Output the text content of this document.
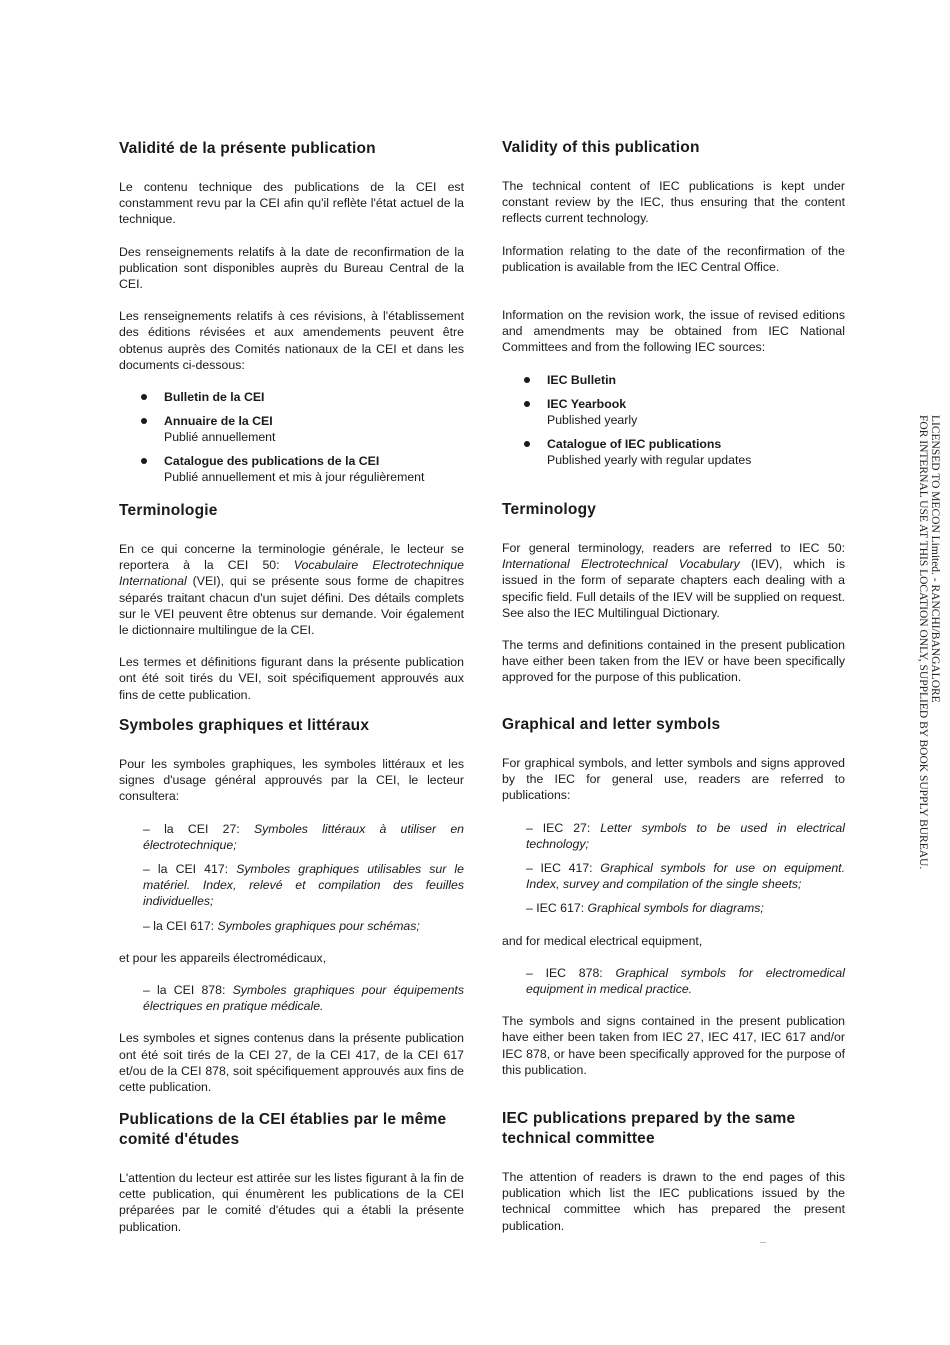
Validité de la présente publication

Le contenu technique des publications de la CEI est constamment revu par la CEI afin qu'il reflète l'état actuel de la technique.

Des renseignements relatifs à la date de reconfirmation de la publication sont disponibles auprès du Bureau Central de la CEI.

Les renseignements relatifs à ces révisions, à l'établissement des éditions révisées et aux amendements peuvent être obtenus auprès des Comités nationaux de la CEI et dans les documents ci-dessous:

Bulletin de la CEI
Annuaire de la CEI
Publié annuellement
Catalogue des publications de la CEI
Publié annuellement et mis à jour régulièrement
Terminologie

En ce qui concerne la terminologie générale, le lecteur se reportera à la CEI 50: Vocabulaire Electrotechnique International (VEI), qui se présente sous forme de chapitres séparés traitant chacun d'un sujet défini. Des détails complets sur le VEI peuvent être obtenus sur demande. Voir également le dictionnaire multilingue de la CEI.

Les termes et définitions figurant dans la présente publication ont été soit tirés du VEI, soit spécifiquement approuvés aux fins de cette publication.

Symboles graphiques et littéraux

Pour les symboles graphiques, les symboles littéraux et les signes d'usage général approuvés par la CEI, le lecteur consultera:

– la CEI 27: Symboles littéraux à utiliser en électrotechnique;
– la CEI 417: Symboles graphiques utilisables sur le matériel. Index, relevé et compilation des feuilles individuelles;
– la CEI 617: Symboles graphiques pour schémas;

et pour les appareils électromédicaux,

– la CEI 878: Symboles graphiques pour équipements électriques en pratique médicale.

Les symboles et signes contenus dans la présente publication ont été soit tirés de la CEI 27, de la CEI 417, de la CEI 617 et/ou de la CEI 878, soit spécifiquement approuvés aux fins de cette publication.

Publications de la CEI établies par le même comité d'études

L'attention du lecteur est attirée sur les listes figurant à la fin de cette publication, qui énumèrent les publications de la CEI préparées par le comité d'études qui a établi la présente publication.

Validity of this publication

The technical content of IEC publications is kept under constant review by the IEC, thus ensuring that the content reflects current technology.

Information relating to the date of the reconfirmation of the publication is available from the IEC Central Office.

Information on the revision work, the issue of revised editions and amendments may be obtained from IEC National Committees and from the following IEC sources:

IEC Bulletin
IEC Yearbook
Published yearly
Catalogue of IEC publications
Published yearly with regular updates
Terminology

For general terminology, readers are referred to IEC 50: International Electrotechnical Vocabulary (IEV), which is issued in the form of separate chapters each dealing with a specific field. Full details of the IEV will be supplied on request. See also the IEC Multilingual Dictionary.

The terms and definitions contained in the present publication have either been taken from the IEV or have been specifically approved for the purpose of this publication.

Graphical and letter symbols

For graphical symbols, and letter symbols and signs approved by the IEC for general use, readers are referred to publications:

– IEC 27: Letter symbols to be used in electrical technology;
– IEC 417: Graphical symbols for use on equipment. Index, survey and compilation of the single sheets;
– IEC 617: Graphical symbols for diagrams;

and for medical electrical equipment,

– IEC 878: Graphical symbols for electromedical equipment in medical practice.

The symbols and signs contained in the present publication have either been taken from IEC 27, IEC 417, IEC 617 and/or IEC 878, or have been specifically approved for the purpose of this publication.

IEC publications prepared by the same technical committee

The attention of readers is drawn to the end pages of this publication which list the IEC publications issued by the technical committee which has prepared the present publication.

LICENSED TO MECON Limited. - RANCHI/BANGALORE
FOR INTERNAL USE AT THIS LOCATION ONLY, SUPPLIED BY BOOK SUPPLY BUREAU.
